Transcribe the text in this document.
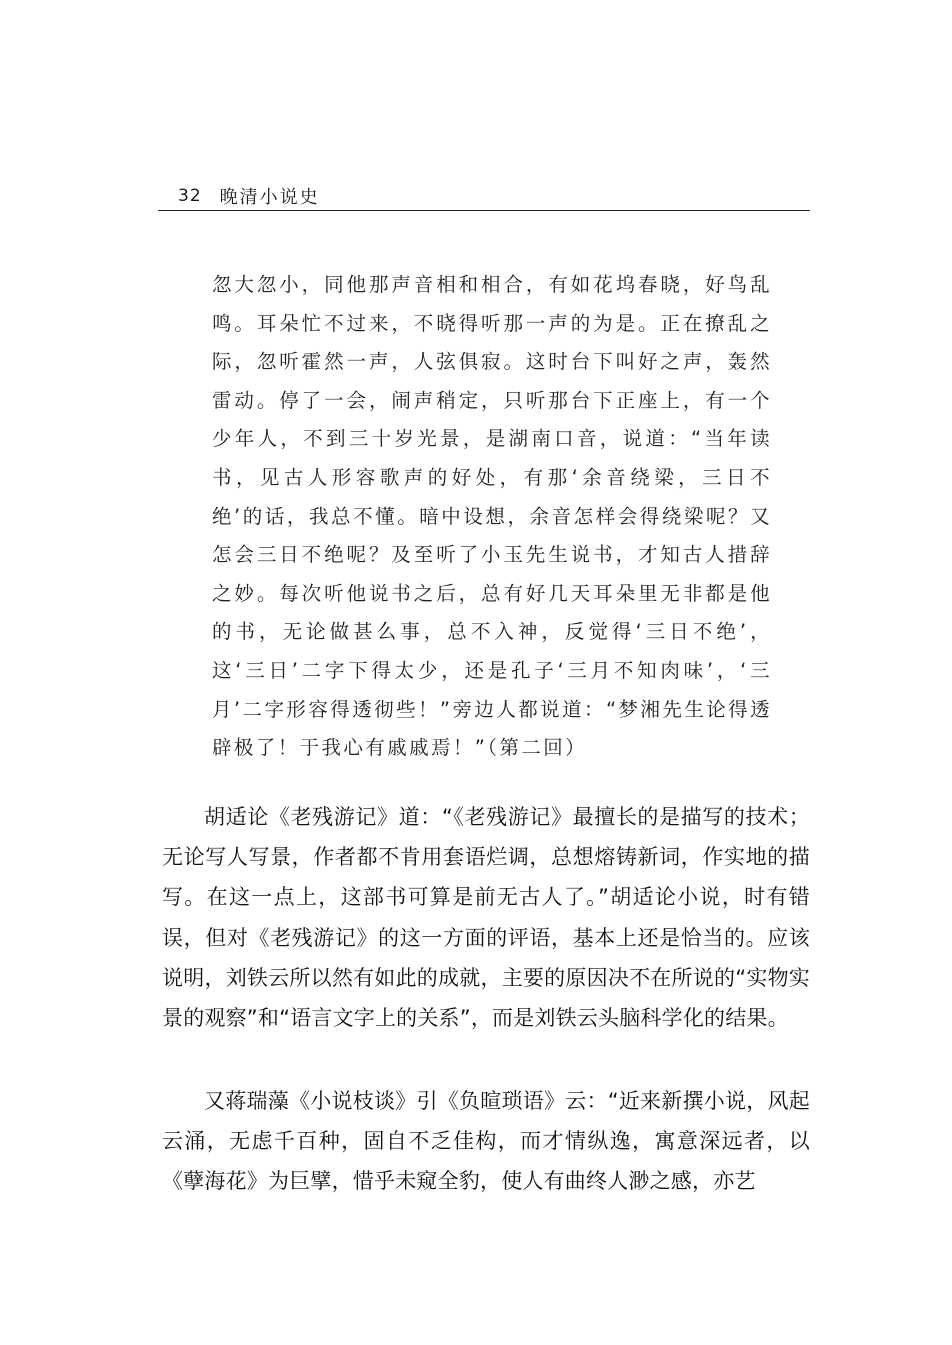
32 晚清小说史
忽大忽小，同他那声音相和相合，有如花坞春晓，好鸟乱鸣。耳朵忙不过来，不晓得听那一声的为是。正在撩乱之际，忽听霍然一声，人弦俱寂。这时台下叫好之声，轰然雷动。停了一会，闹声稍定，只听那台下正座上，有一个少年人，不到三十岁光景，是湖南口音，说道：“当年读书，见古人形容歌声的好处，有那‘余音绕梁，三日不绝’的话，我总不懂。暗中设想，余音怎样会得绕梁呢？又怎会三日不绝呢？及至听了小玉先生说书，才知古人措辞之妙。每次听他说书之后，总有好几天耳朵里无非都是他的书，无论做甚么事，总不入神，反觉得‘三日不绝’，这‘三日’二字下得太少，还是孔子‘三月不知肉味’，‘三月’二字形容得透彻些！”旁边人都说道：“梦湘先生论得透辟极了！于我心有戚戚焉！”（第二回）

胡适论《老残游记》道：“《老残游记》最擅长的是描写的技术；无论写人写景，作者都不肯用套语烂调，总想熔铸新词，作实地的描写。在这一点上，这部书可算是前无古人了。”胡适论小说，时有错误，但对《老残游记》的这一方面的评语，基本上还是恰当的。应该说明，刘铁云所以然有如此的成就，主要的原因决不在所说的“实物实景的观察”和“语言文字上的关系”，而是刘铁云头脑科学化的结果。

又蒋瑞藻《小说枝谈》引《负暄琐语》云：“近来新撰小说，风起云涌，无虑千百种，固自不乏佳构，而才情纵逸，寓意深远者，以《孽海花》为巨擘，惜乎未窥全豹，使人有曲终人渺之感，亦艺
